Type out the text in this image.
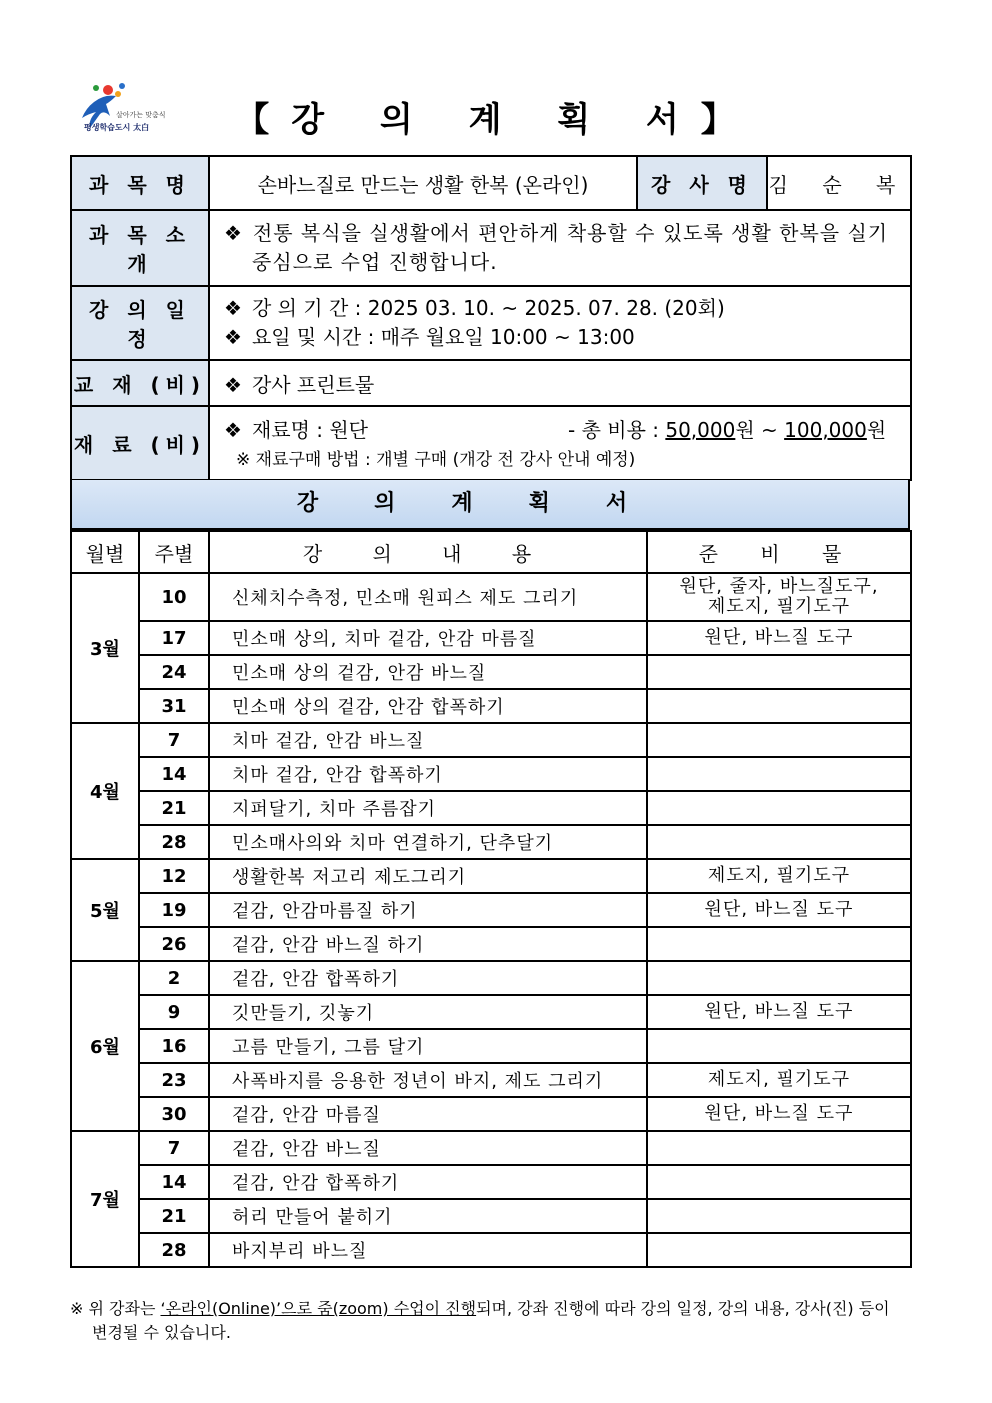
살아가는 맞춤식
평생학습도시 太白	【강 의 계 획 서】
과 목 명	손바느질로 만드는 생활 한복 (온라인)	강 사 명	김 순 복
과 목 소 개	❖ 전통 복식을 실생활에서 편안하게 착용할 수 있도록 생활 한복을 실기 중심으로 수업 진행합니다.		

강 의 일 정	❖ 강 의 기 간 : 2025 03. 10. ~ 2025. 07. 28. (20회)
❖ 요일 및 시간 : 매주 월요일 10:00 ~ 13:00		

교 재 (비)	❖ 강사 프린트물		
재 료 (비)	❖ 재료명 : 원단 - 총 비용 : 50,000원 ~ 100,000원
※ 재료구매 방법 : 개별 구매 (개강 전 강사 안내 예정)		
강의계획서
월별	주별	강 의 내 용	준 비 물
3월	10	신체치수측정, 민소매 원피스 제도 그리기	원단, 줄자, 바느질도구,
제도지, 필기도구
	17	민소매 상의, 치마 겉감, 안감 마름질	원단, 바느질 도구
	24	민소매 상의 겉감, 안감 바느질	
	31	민소매 상의 겉감, 안감 합폭하기	
4월	7	치마 겉감, 안감 바느질	
	14	치마 겉감, 안감 합폭하기	
	21	지퍼달기, 치마 주름잡기	
	28	민소매사의와 치마 연결하기, 단추달기	
5월	12	생활한복 저고리 제도그리기	제도지, 필기도구
	19	겉감, 안감마름질 하기	원단, 바느질 도구
	26	겉감, 안감 바느질 하기	
6월	2	겉감, 안감 합폭하기	
	9	깃만들기, 깃놓기	원단, 바느질 도구
	16	고름 만들기, 그름 달기	
	23	사폭바지를 응용한 정년이 바지, 제도 그리기	제도지, 필기도구
	30	겉감, 안감 마름질	원단, 바느질 도구
7월	7	겉감, 안감 바느질	
	14	겉감, 안감 합폭하기	
	21	허리 만들어 붙히기	
	28	바지부리 바느질	
※ 위 강좌는 ‘온라인(Online)’으로 줌(zoom) 수업이 진행되며, 강좌 진행에 따라 강의 일정, 강의 내용, 강사(진) 등이
변경될 수 있습니다.
